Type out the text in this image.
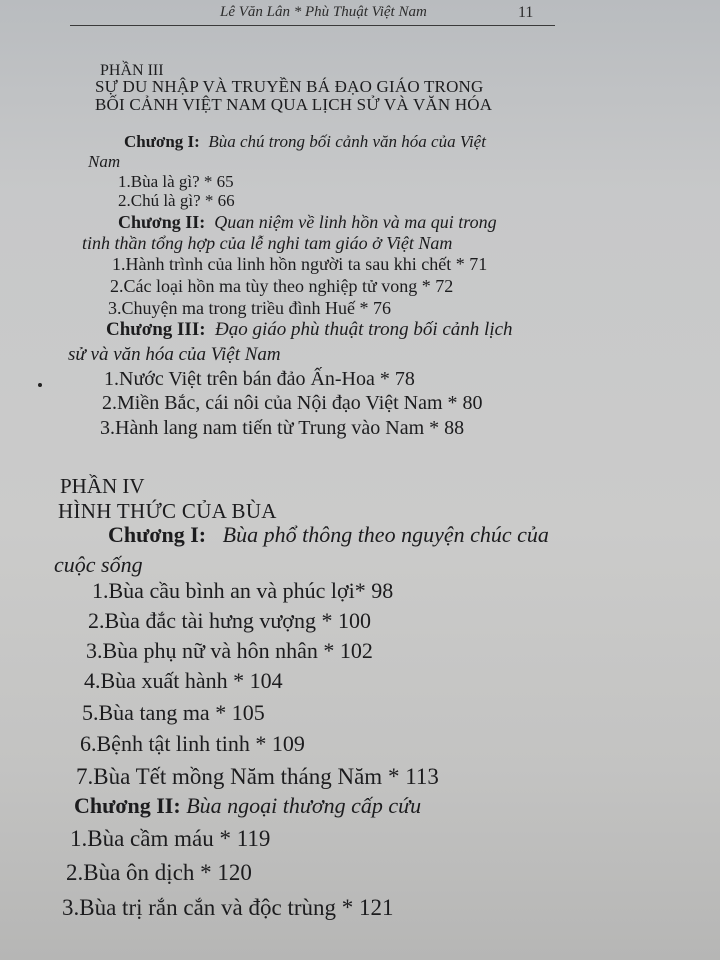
Lê Văn Lân * Phù Thuật Việt Nam	11
PHẦN III
SỰ DU NHẬP VÀ TRUYỀN BÁ ĐẠO GIÁO TRONG
BỐI CẢNH VIỆT NAM QUA LỊCH SỬ VÀ VĂN HÓA
Chương I: Bùa chú trong bối cảnh văn hóa của Việt
Nam
1.Bùa là gì? * 65
2.Chú là gì? * 66
Chương II: Quan niệm về linh hồn và ma qui trong
tinh thần tổng hợp của lễ nghi tam giáo ở Việt Nam
1.Hành trình của linh hồn người ta sau khi chết * 71
2.Các loại hồn ma tùy theo nghiệp tử vong * 72
3.Chuyện ma trong triều đình Huế * 76
Chương III: Đạo giáo phù thuật trong bối cảnh lịch
sử và văn hóa của Việt Nam
1.Nước Việt trên bán đảo Ấn-Hoa * 78
2.Miền Bắc, cái nôi của Nội đạo Việt Nam * 80
3.Hành lang nam tiến từ Trung vào Nam * 88
PHẦN IV
HÌNH THỨC CỦA BÙA
Chương I: Bùa phổ thông theo nguyện chúc của
cuộc sống
1.Bùa cầu bình an và phúc lợi* 98
2.Bùa đắc tài hưng vượng * 100
3.Bùa phụ nữ và hôn nhân * 102
4.Bùa xuất hành * 104
5.Bùa tang ma * 105
6.Bệnh tật linh tinh * 109
7.Bùa Tết mồng Năm tháng Năm * 113
Chương II: Bùa ngoại thương cấp cứu
1.Bùa cầm máu * 119
2.Bùa ôn dịch * 120
3.Bùa trị rắn cắn và độc trùng * 121
